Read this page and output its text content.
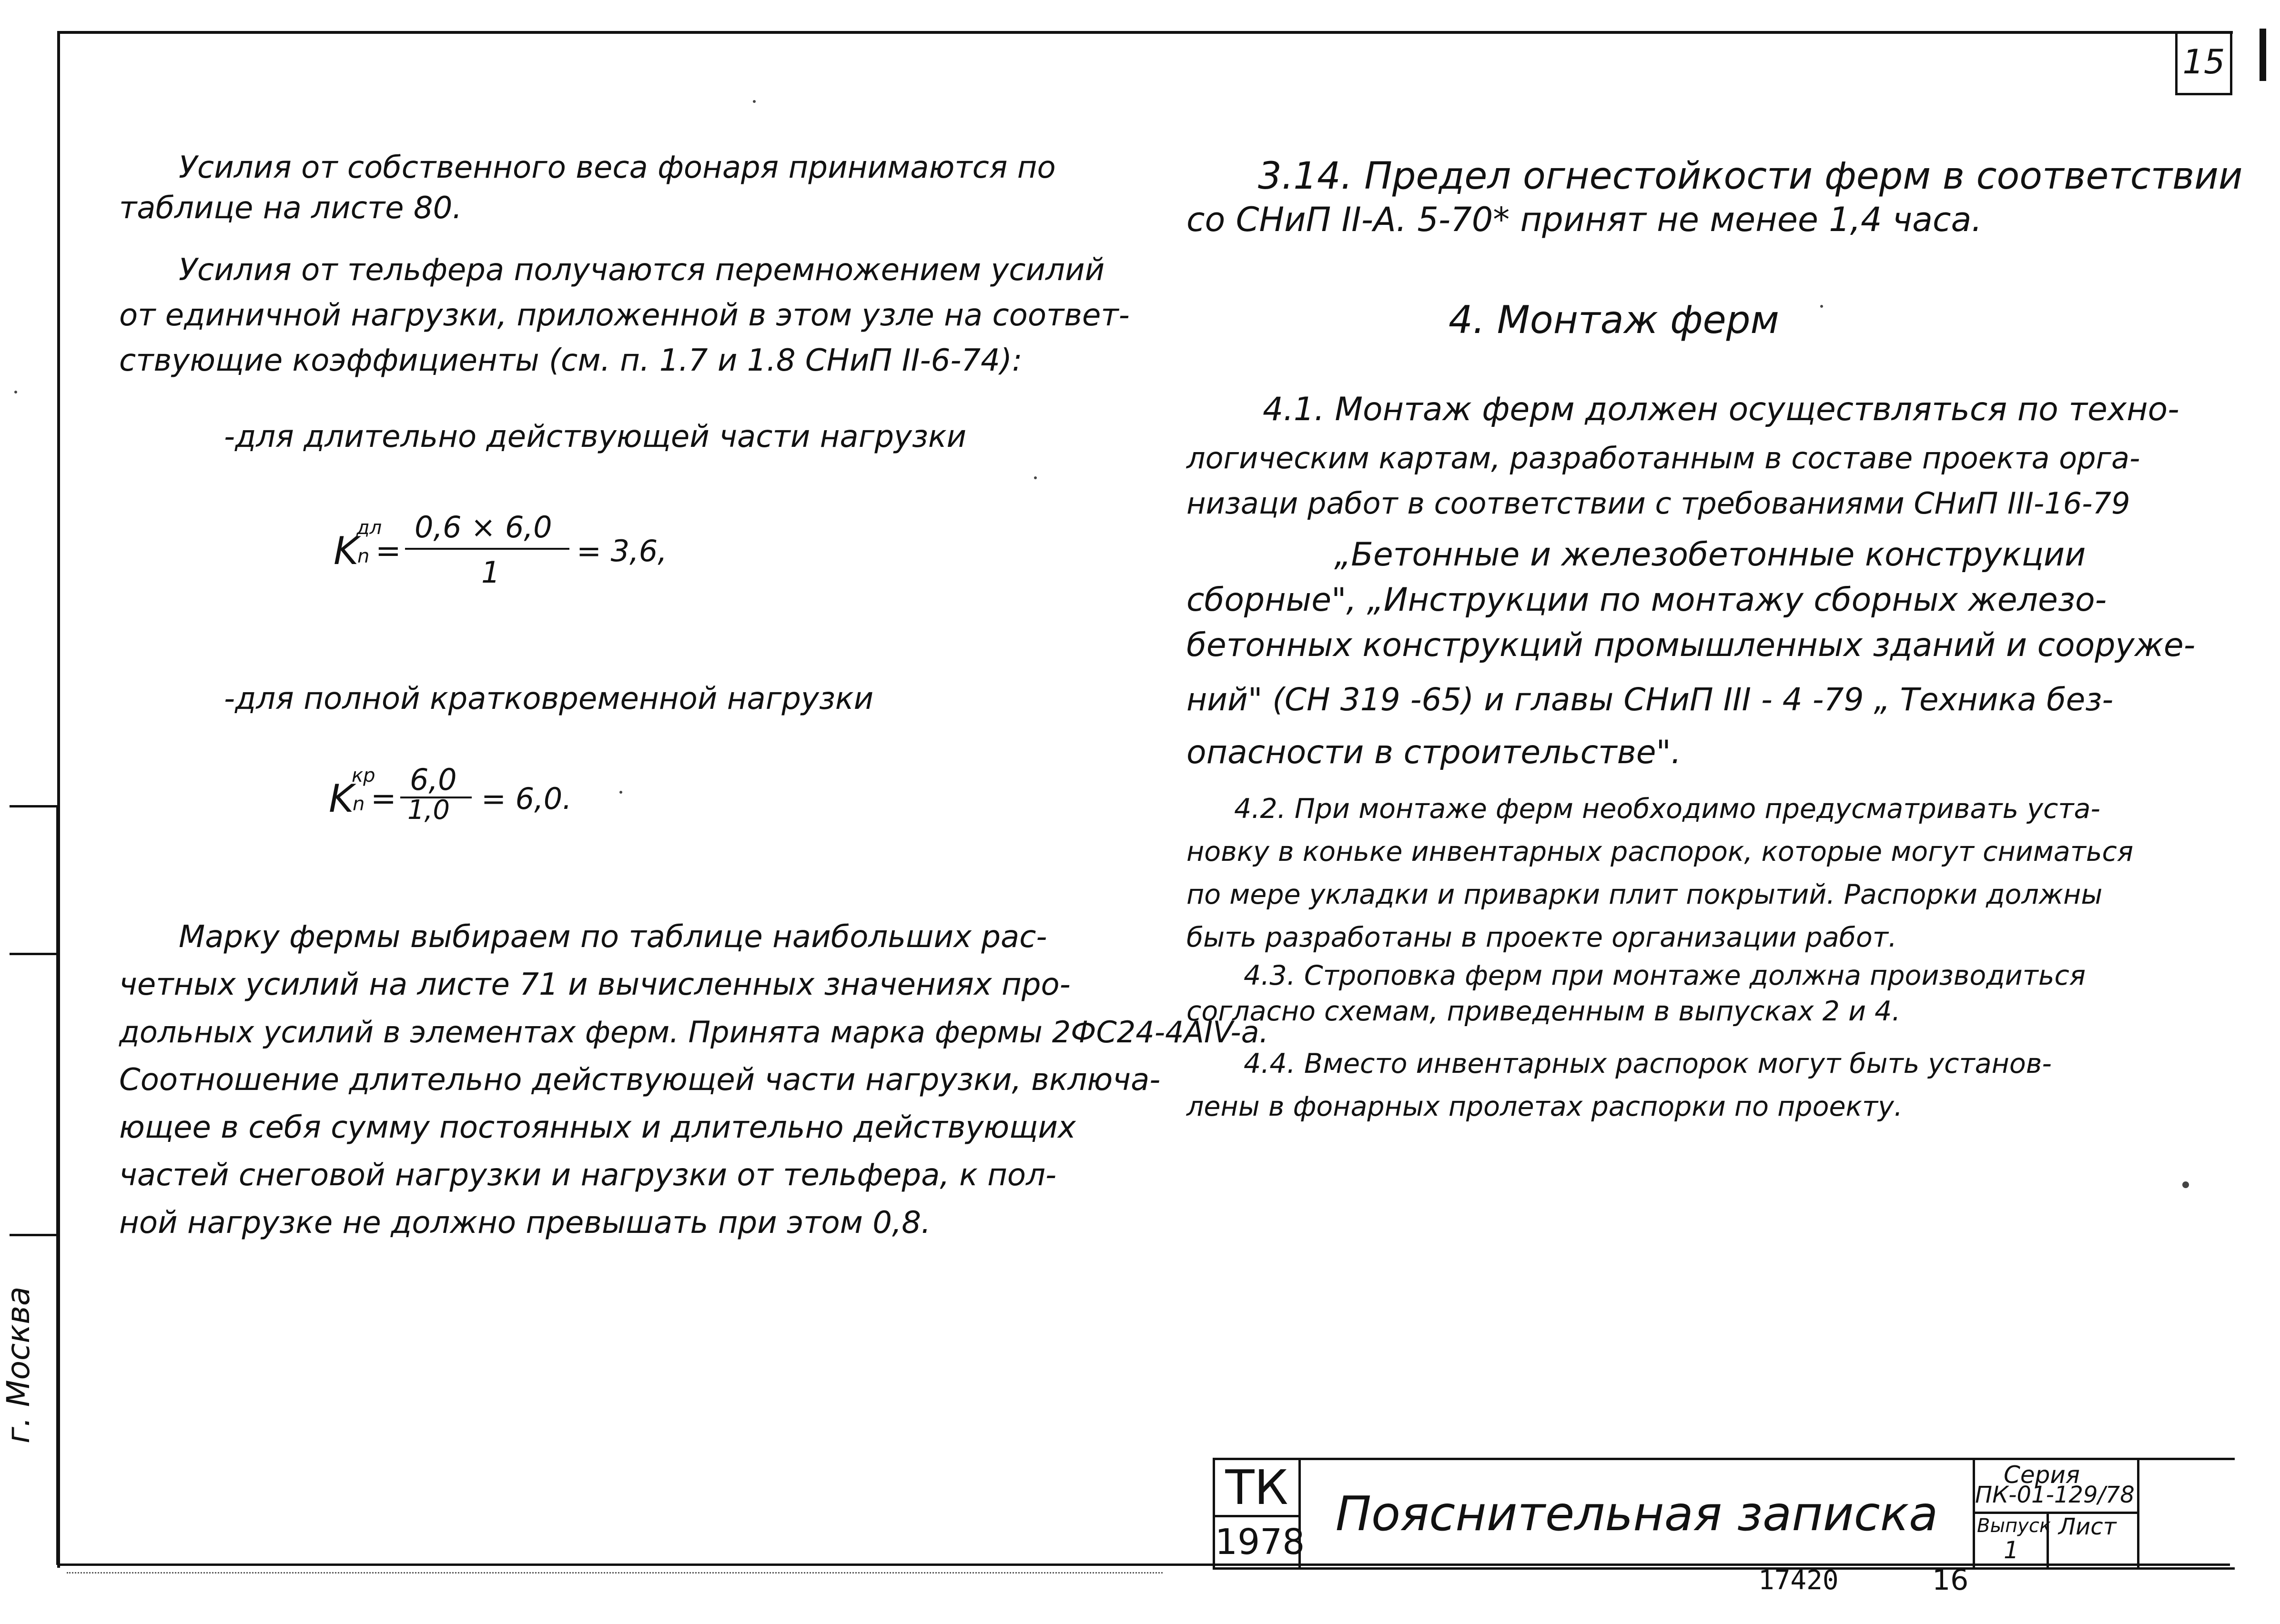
15
г. Москва
Усилия от собственного веса фонаря принимаются по
таблице на листе 80.
Усилия от тельфера получаются перемножением усилий
от единичной нагрузки, приложенной в этом узле на соответ-
ствующие коэффициенты (см. п. 1.7 и 1.8 СНиП II-6-74):
-для длительно действующей части нагрузки
K
дл
n =
0,6 × 6,0
1
= 3,6,
-для полной кратковременной нагрузки
K
кр
n =
6,0
1,0 = 6,0.
Марку фермы выбираем по таблице наибольших рас-
четных усилий на листе 71 и вычисленных значениях про-
дольных усилий в элементах ферм. Принята марка фермы 2ФС24-4АIV-а.
Соотношение длительно действующей части нагрузки, включа-
ющее в себя сумму постоянных и длительно действующих
частей снеговой нагрузки и нагрузки от тельфера, к пол-
ной нагрузке не должно превышать при этом 0,8.
3.14. Предел огнестойкости ферм в соответствии
со СНиП II-А. 5-70* принят не менее 1,4 часа.
4. Монтаж ферм
4.1. Монтаж ферм должен осуществляться по техно-
логическим картам, разработанным в составе проекта орга-
низаци работ в соответствии с требованиями СНиП III-16-79
„Бетонные и железобетонные конструкции
сборные", „Инструкции по монтажу сборных железо-
бетонных конструкций промышленных зданий и сооруже-
ний" (СН 319 -65) и главы СНиП III - 4 -79 „ Техника без-
опасности в строительстве".
4.2. При монтаже ферм необходимо предусматривать уста-
новку в коньке инвентарных распорок, которые могут сниматься
по мере укладки и приварки плит покрытий. Распорки должны
быть разработаны в проекте организации работ.
4.3. Строповка ферм при монтаже должна производиться
согласно схемам, приведенным в выпусках 2 и 4.
4.4. Вместо инвентарных распорок могут быть установ-
лены в фонарных пролетах распорки по проекту.
ТК
1978
Пояснительная записка
Серия
ПК-01-129/78
Выпуск
1
Лист
17420	16
